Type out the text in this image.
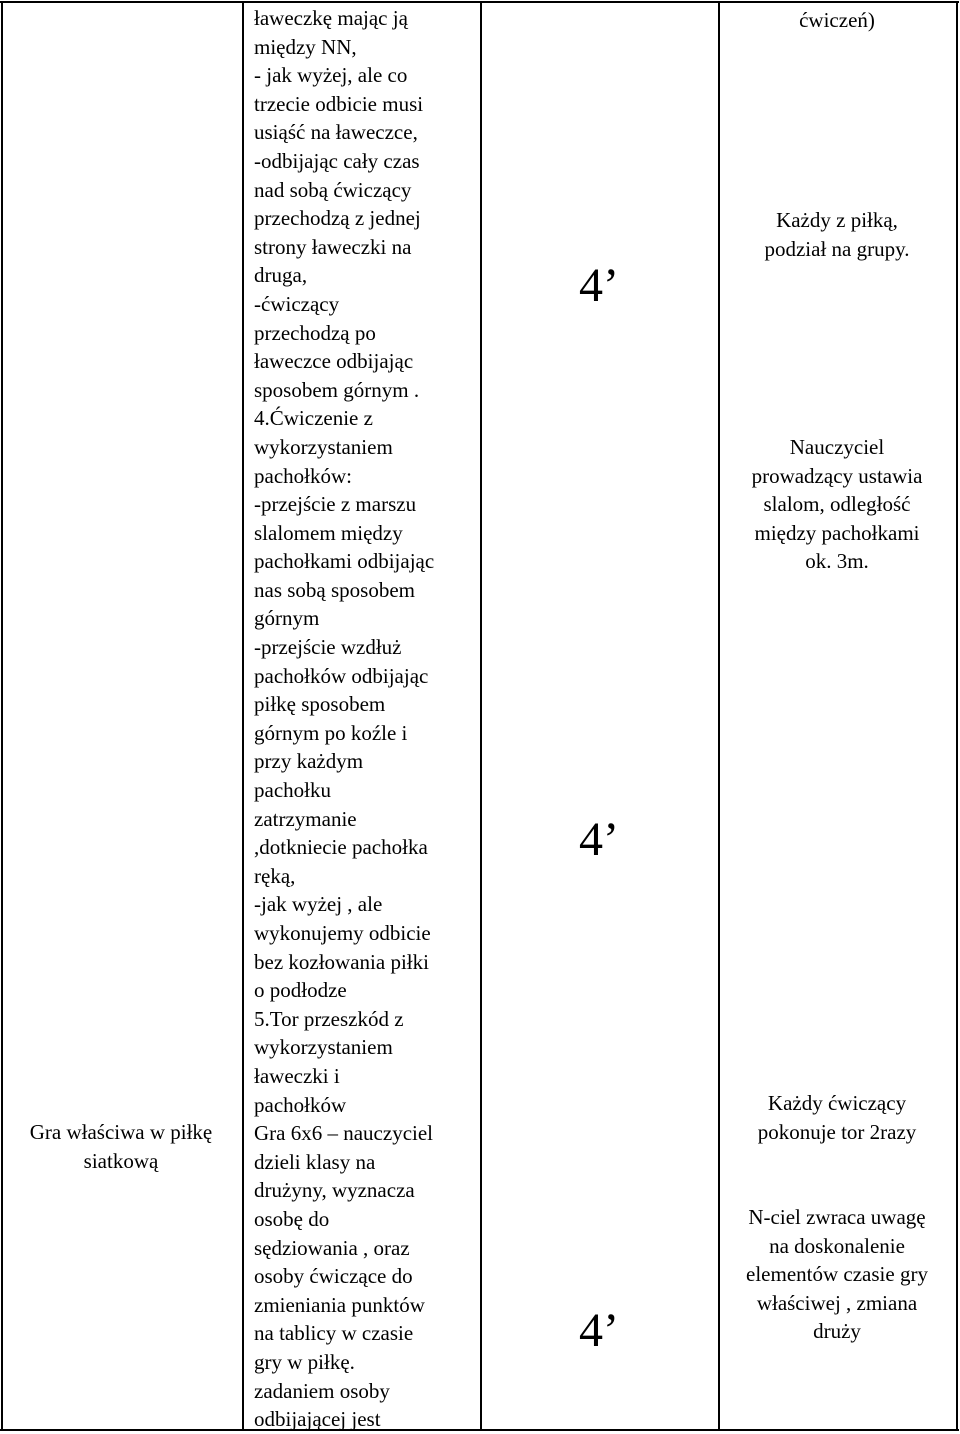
Gra właściwa w piłkę
siatkową
ławeczkę mając ją
między NN,
- jak wyżej, ale co
trzecie odbicie musi
usiąść na ławeczce,
-odbijając cały czas
nad sobą ćwiczący
przechodzą z jednej
strony ławeczki na
druga,
-ćwiczący
przechodzą po
ławeczce odbijając
sposobem górnym .
4.Ćwiczenie z
wykorzystaniem
pachołków:
-przejście z marszu
slalomem między
pachołkami odbijając
nas sobą sposobem
górnym
-przejście wzdłuż
pachołków odbijając
piłkę sposobem
górnym po koźle i
przy każdym
pachołku
zatrzymanie
,dotkniecie pachołka
ręką,
-jak wyżej , ale
wykonujemy odbicie
bez kozłowania piłki
o podłodze
5.Tor przeszkód z
wykorzystaniem
ławeczki i
pachołków
Gra 6x6 – nauczyciel
dzieli klasy na
drużyny, wyznacza
osobę do
sędziowania , oraz
osoby ćwiczące do
zmieniania punktów
na tablicy w czasie
gry w piłkę.
zadaniem osoby
odbijającej jest
4’
4’
4’
ćwiczeń)
Każdy z piłką,
podział na grupy.
Nauczyciel
prowadzący ustawia
slalom, odległość
między pachołkami
ok. 3m.
Każdy ćwiczący
pokonuje tor 2razy
N-ciel zwraca uwagę
na doskonalenie
elementów czasie gry
właściwej , zmiana
druży
